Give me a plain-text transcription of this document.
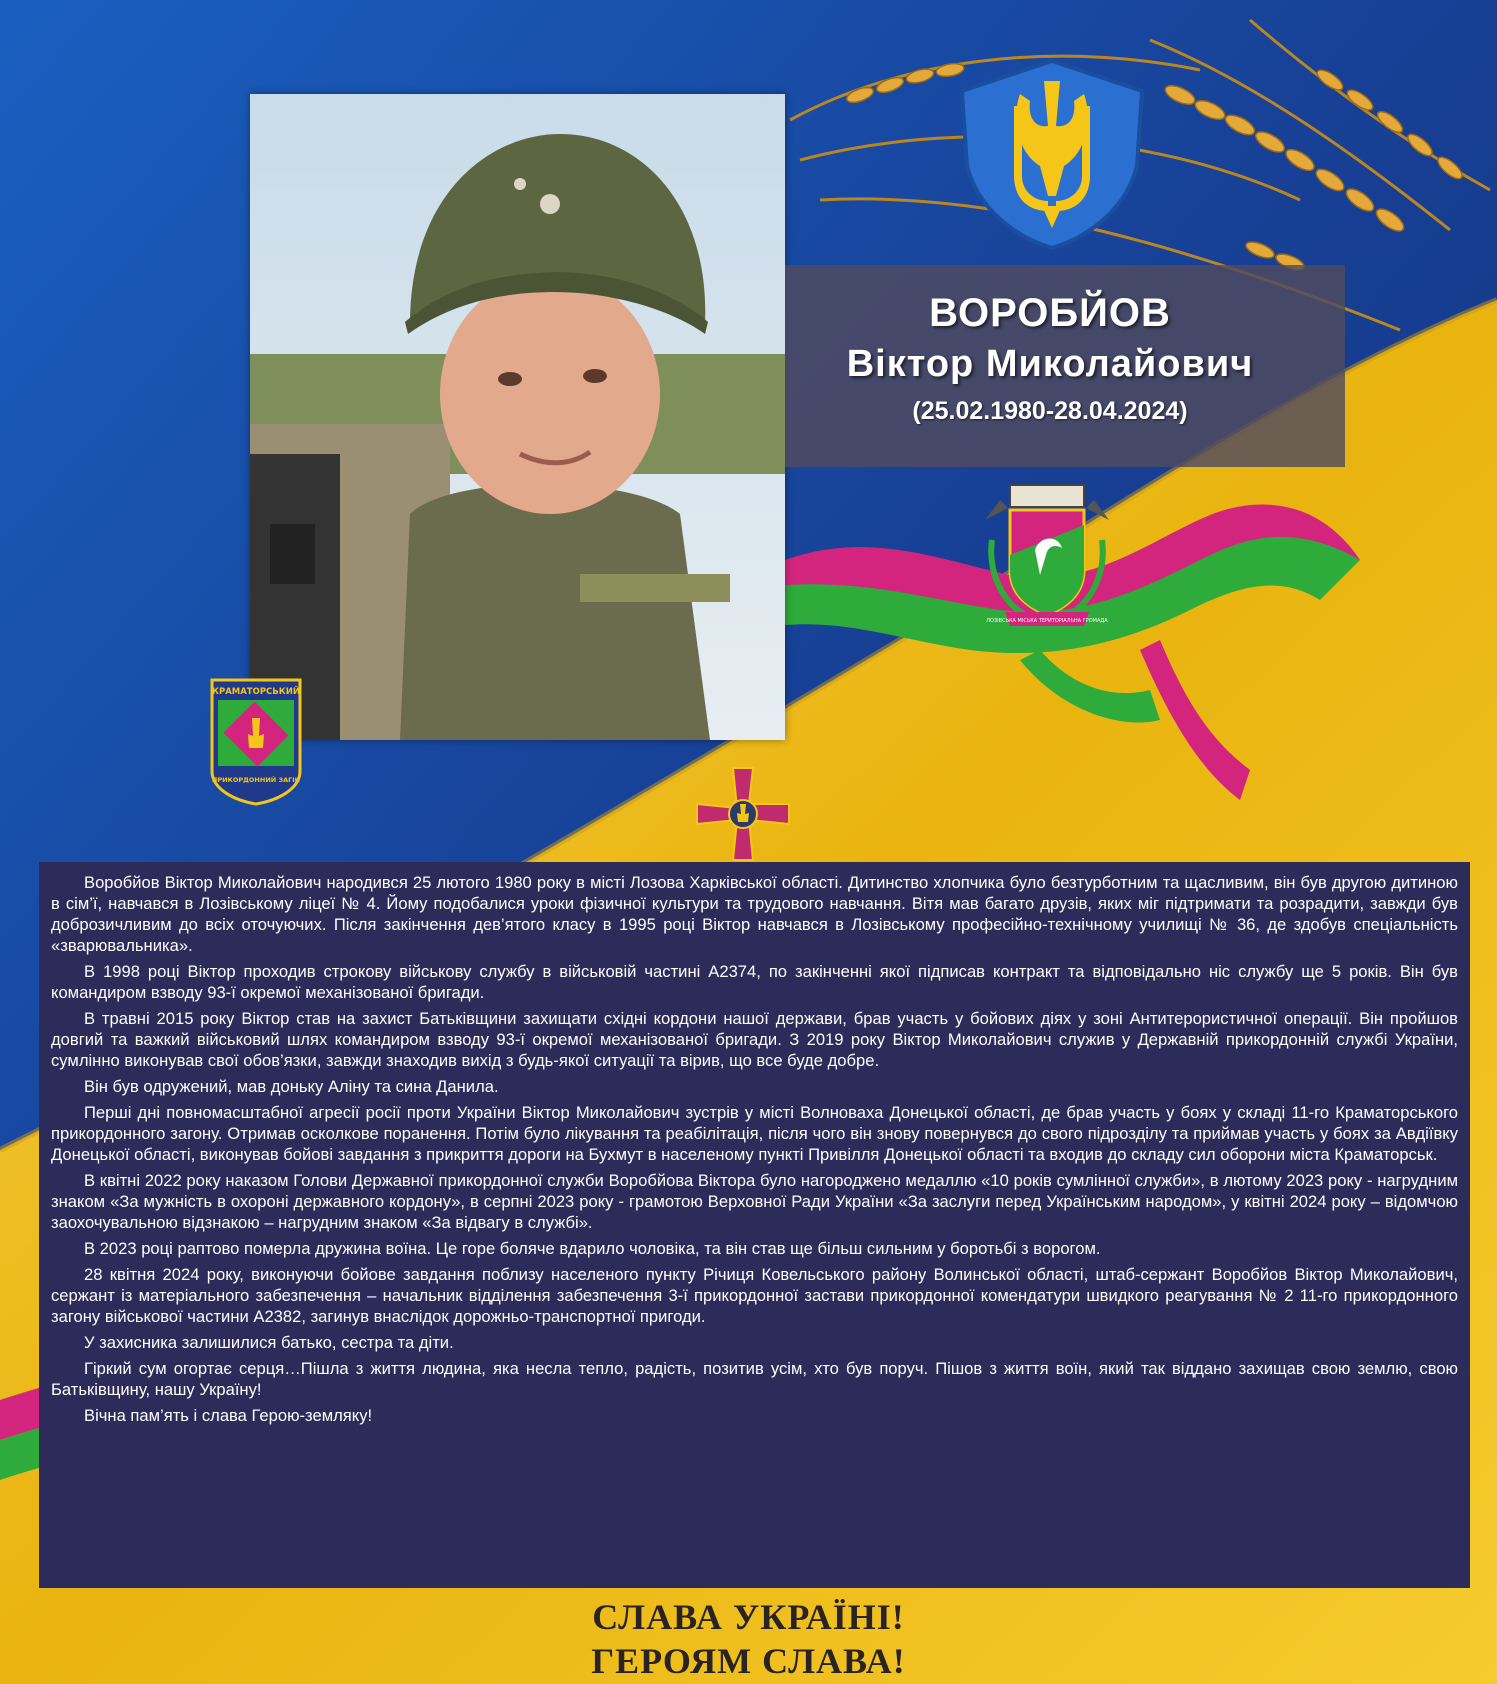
ВОРОБЙОВ
Віктор Миколайович
(25.02.1980-28.04.2024)
ЛОЗІВСЬКА МІСЬКА ТЕРИТОРІАЛЬНА ГРОМАДА
КРАМАТОРСЬКИЙ
ПРИКОРДОННИЙ ЗАГІН

Воробйов Віктор Миколайович народився 25 лютого 1980 року в місті Лозова Харківської області. Дитинство хлопчика було безтурботним та щасливим, він був другою дитиною в сім’ї, навчався в Лозівському ліцеї № 4. Йому подобалися уроки фізичної культури та трудового навчання. Вітя мав багато друзів, яких міг підтримати та розрадити, завжди був доброзичливим до всіх оточуючих. Після закінчення дев’ятого класу в 1995 році Віктор навчався в Лозівському професійно-технічному училищі № 36, де здобув спеціальність «зварювальника».

В 1998 році Віктор проходив строкову військову службу в військовій частині А2374, по закінченні якої підписав контракт та відповідально ніс службу ще 5 років. Він був командиром взводу 93-ї окремої механізованої бригади.

В травні 2015 року Віктор став на захист Батьківщини захищати східні кордони нашої держави, брав участь у бойових діях у зоні Антитерористичної операції. Він пройшов довгий та важкий військовий шлях командиром взводу 93-ї окремої механізованої бригади. З 2019 року Віктор Миколайович служив у Державній прикордонній службі України, сумлінно виконував свої обов’язки, завжди знаходив вихід з будь-якої ситуації та вірив, що все буде добре.

Він був одружений, мав доньку Аліну та сина Данила.

Перші дні повномасштабної агресії росії проти України Віктор Миколайович зустрів у місті Волноваха Донецької області, де брав участь у боях у складі 11-го Краматорського прикордонного загону. Отримав осколкове поранення. Потім було лікування та реабілітація, після чого він знову повернувся до свого підрозділу та приймав участь у боях за Авдіївку Донецької області, виконував бойові завдання з прикриття дороги на Бухмут в населеному пункті Привілля Донецької області та входив до складу сил оборони міста Краматорськ.

В квітні 2022 року наказом Голови Державної прикордонної служби Воробйова Віктора було нагороджено медаллю «10 років сумлінної служби», в лютому 2023 року - нагрудним знаком «За мужність в охороні державного кордону», в серпні 2023 року - грамотою Верховної Ради України «За заслуги перед Українським народом», у квітні 2024 року – відомчою заохочувальною відзнакою – нагрудним знаком «За відвагу в службі».

В 2023 році раптово померла дружина воїна. Це горе боляче вдарило чоловіка, та він став ще більш сильним у боротьбі з ворогом.

28 квітня 2024 року, виконуючи бойове завдання поблизу населеного пункту Річиця Ковельського району Волинської області, штаб-сержант Воробйов Віктор Миколайович, сержант із матеріального забезпечення – начальник відділення забезпечення 3-ї прикордонної застави прикордонної комендатури швидкого реагування № 2 11-го прикордонного загону військової частини А2382, загинув внаслідок дорожньо-транспортної пригоди.

У захисника залишилися батько, сестра та діти.

Гіркий сум огортає серця…Пішла з життя людина, яка несла тепло, радість, позитив усім, хто був поруч. Пішов з життя воїн, який так віддано захищав свою землю, свою Батьківщину, нашу Україну!

Вічна пам’ять і слава Герою-земляку!

СЛАВА УКРАЇНІ!
ГЕРОЯМ СЛАВА!
